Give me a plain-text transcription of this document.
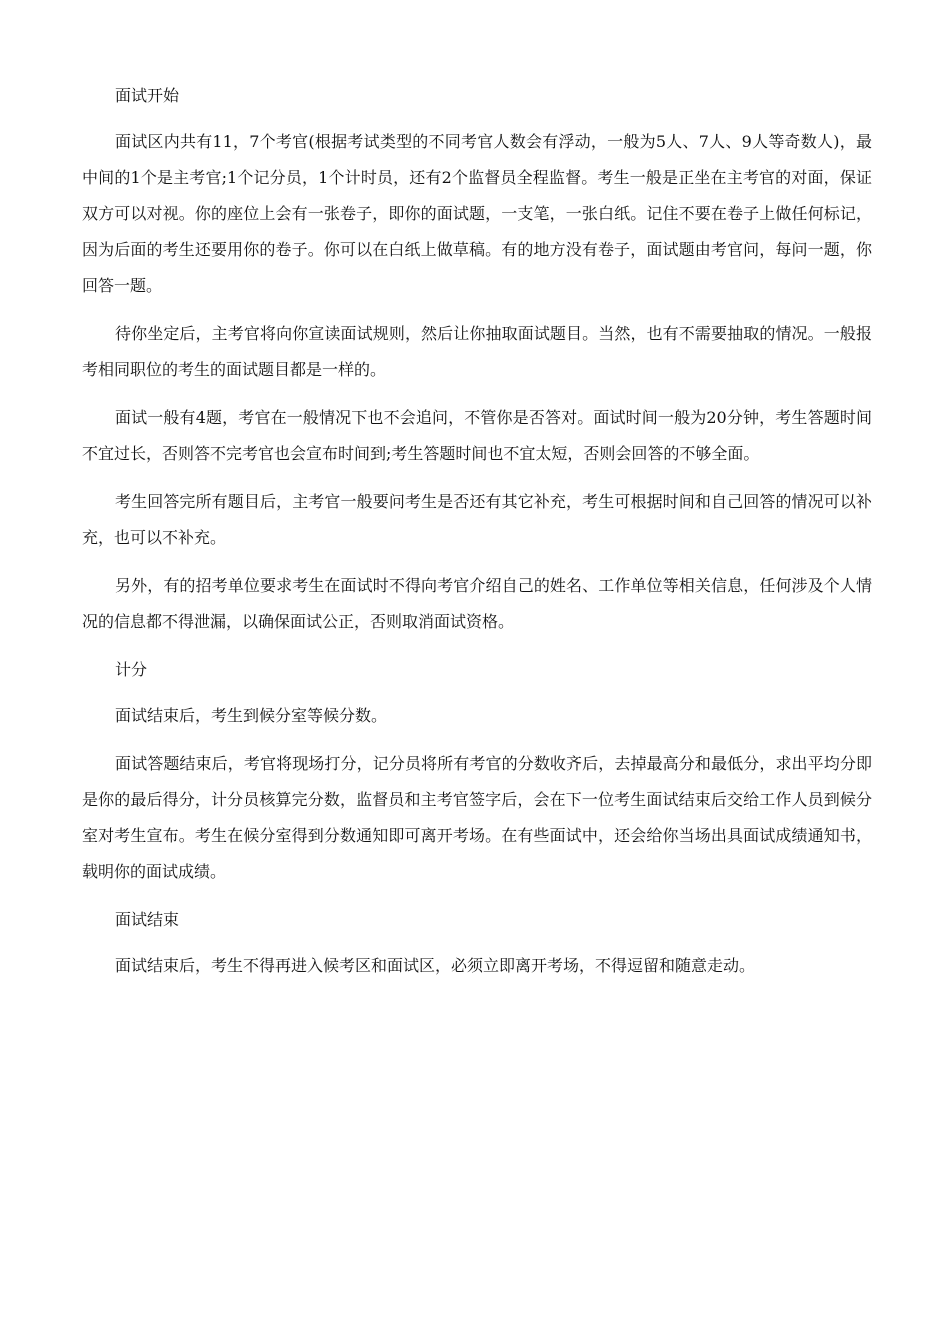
面试开始

面试区内共有11，7个考官(根据考试类型的不同考官人数会有浮动，一般为5人、7人、9人等奇数人)，最中间的1个是主考官;1个记分员，1个计时员，还有2个监督员全程监督。考生一般是正坐在主考官的对面，保证双方可以对视。你的座位上会有一张卷子，即你的面试题，一支笔，一张白纸。记住不要在卷子上做任何标记，因为后面的考生还要用你的卷子。你可以在白纸上做草稿。有的地方没有卷子，面试题由考官问，每问一题，你回答一题。

待你坐定后，主考官将向你宣读面试规则，然后让你抽取面试题目。当然，也有不需要抽取的情况。一般报考相同职位的考生的面试题目都是一样的。

面试一般有4题，考官在一般情况下也不会追问，不管你是否答对。面试时间一般为20分钟，考生答题时间不宜过长，否则答不完考官也会宣布时间到;考生答题时间也不宜太短，否则会回答的不够全面。

考生回答完所有题目后，主考官一般要问考生是否还有其它补充，考生可根据时间和自己回答的情况可以补充，也可以不补充。

另外，有的招考单位要求考生在面试时不得向考官介绍自己的姓名、工作单位等相关信息，任何涉及个人情况的信息都不得泄漏，以确保面试公正，否则取消面试资格。

计分

面试结束后，考生到候分室等候分数。

面试答题结束后，考官将现场打分，记分员将所有考官的分数收齐后，去掉最高分和最低分，求出平均分即是你的最后得分，计分员核算完分数，监督员和主考官签字后，会在下一位考生面试结束后交给工作人员到候分室对考生宣布。考生在候分室得到分数通知即可离开考场。在有些面试中，还会给你当场出具面试成绩通知书，载明你的面试成绩。

面试结束

面试结束后，考生不得再进入候考区和面试区，必须立即离开考场，不得逗留和随意走动。
